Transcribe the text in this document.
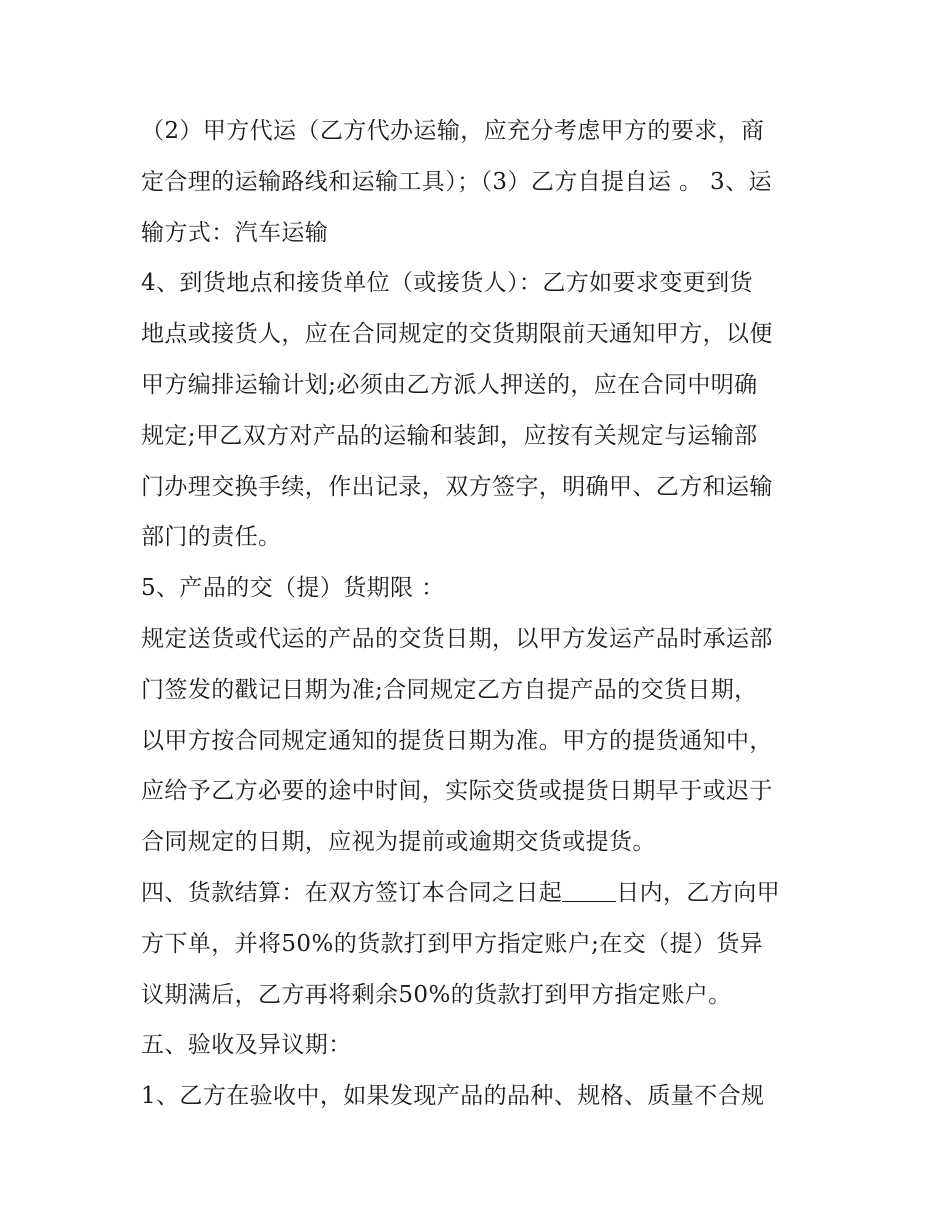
（2）甲方代运（乙方代办运输，应充分考虑甲方的要求，商
定合理的运输路线和运输工具）；（3）乙方自提自运 。 3、运
输方式：汽车运输
4、到货地点和接货单位（或接货人）：乙方如要求变更到货
地点或接货人，应在合同规定的交货期限前天通知甲方，以便
甲方编排运输计划;必须由乙方派人押送的，应在合同中明确
规定;甲乙双方对产品的运输和装卸，应按有关规定与运输部
门办理交换手续，作出记录，双方签字，明确甲、乙方和运输
部门的责任。
5、产品的交（提）货期限 ：
规定送货或代运的产品的交货日期，以甲方发运产品时承运部
门签发的戳记日期为准;合同规定乙方自提产品的交货日期，
以甲方按合同规定通知的提货日期为准。甲方的提货通知中，
应给予乙方必要的途中时间，实际交货或提货日期早于或迟于
合同规定的日期，应视为提前或逾期交货或提货。
四、货款结算：在双方签订本合同之日起 日内，乙方向甲
方下单，并将50%的货款打到甲方指定账户;在交（提）货异
议期满后，乙方再将剩余50%的货款打到甲方指定账户。
五、验收及异议期：
1、乙方在验收中，如果发现产品的品种、规格、质量不合规
